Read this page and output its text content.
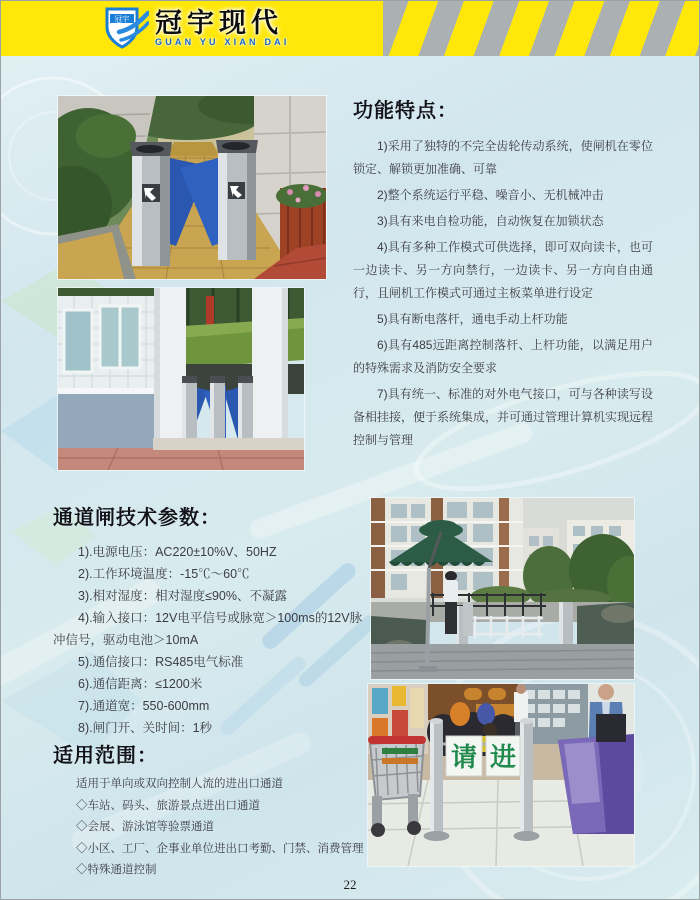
冠宇 冠宇现代
GUAN YU XIAN DAI
功能特点：

1)采用了独特的不完全齿轮传动系统，使闸机在零位锁定、解锁更加准确、可靠

2)整个系统运行平稳、噪音小、无机械冲击

3)具有来电自检功能，自动恢复在加锁状态

4)具有多种工作模式可供选择，即可双向读卡，也可一边读卡、另一方向禁行，一边读卡、另一方向自由通行，且闸机工作模式可通过主板菜单进行设定

5)具有断电落杆，通电手动上杆功能

6)具有485远距离控制落杆、上杆功能，以满足用户的特殊需求及消防安全要求

7)具有统一、标准的对外电气接口，可与各种读写设备相挂接，便于系统集成，并可通过管理计算机实现远程控制与管理

通道闸技术参数：

1).电源电压：AC220±10%V、50HZ

2).工作环境温度：-15℃～60℃

3).相对湿度：相对湿度≤90%、不凝露

4).输入接口：12V电平信号或脉宽＞100ms的12V脉冲信号，驱动电池＞10mA

5).通信接口：RS485电气标准

6).通信距离：≤1200米

7).通道宽：550-600mm

8).闸门开、关时间：1秒

适用范围：

适用于单向或双向控制人流的进出口通道

◇车站、码头、旅游景点进出口通道

◇会展、游泳馆等验票通道

◇小区、工厂、企事业单位进出口考勤、门禁、消费管理

◇特殊通道控制

请 进
22
